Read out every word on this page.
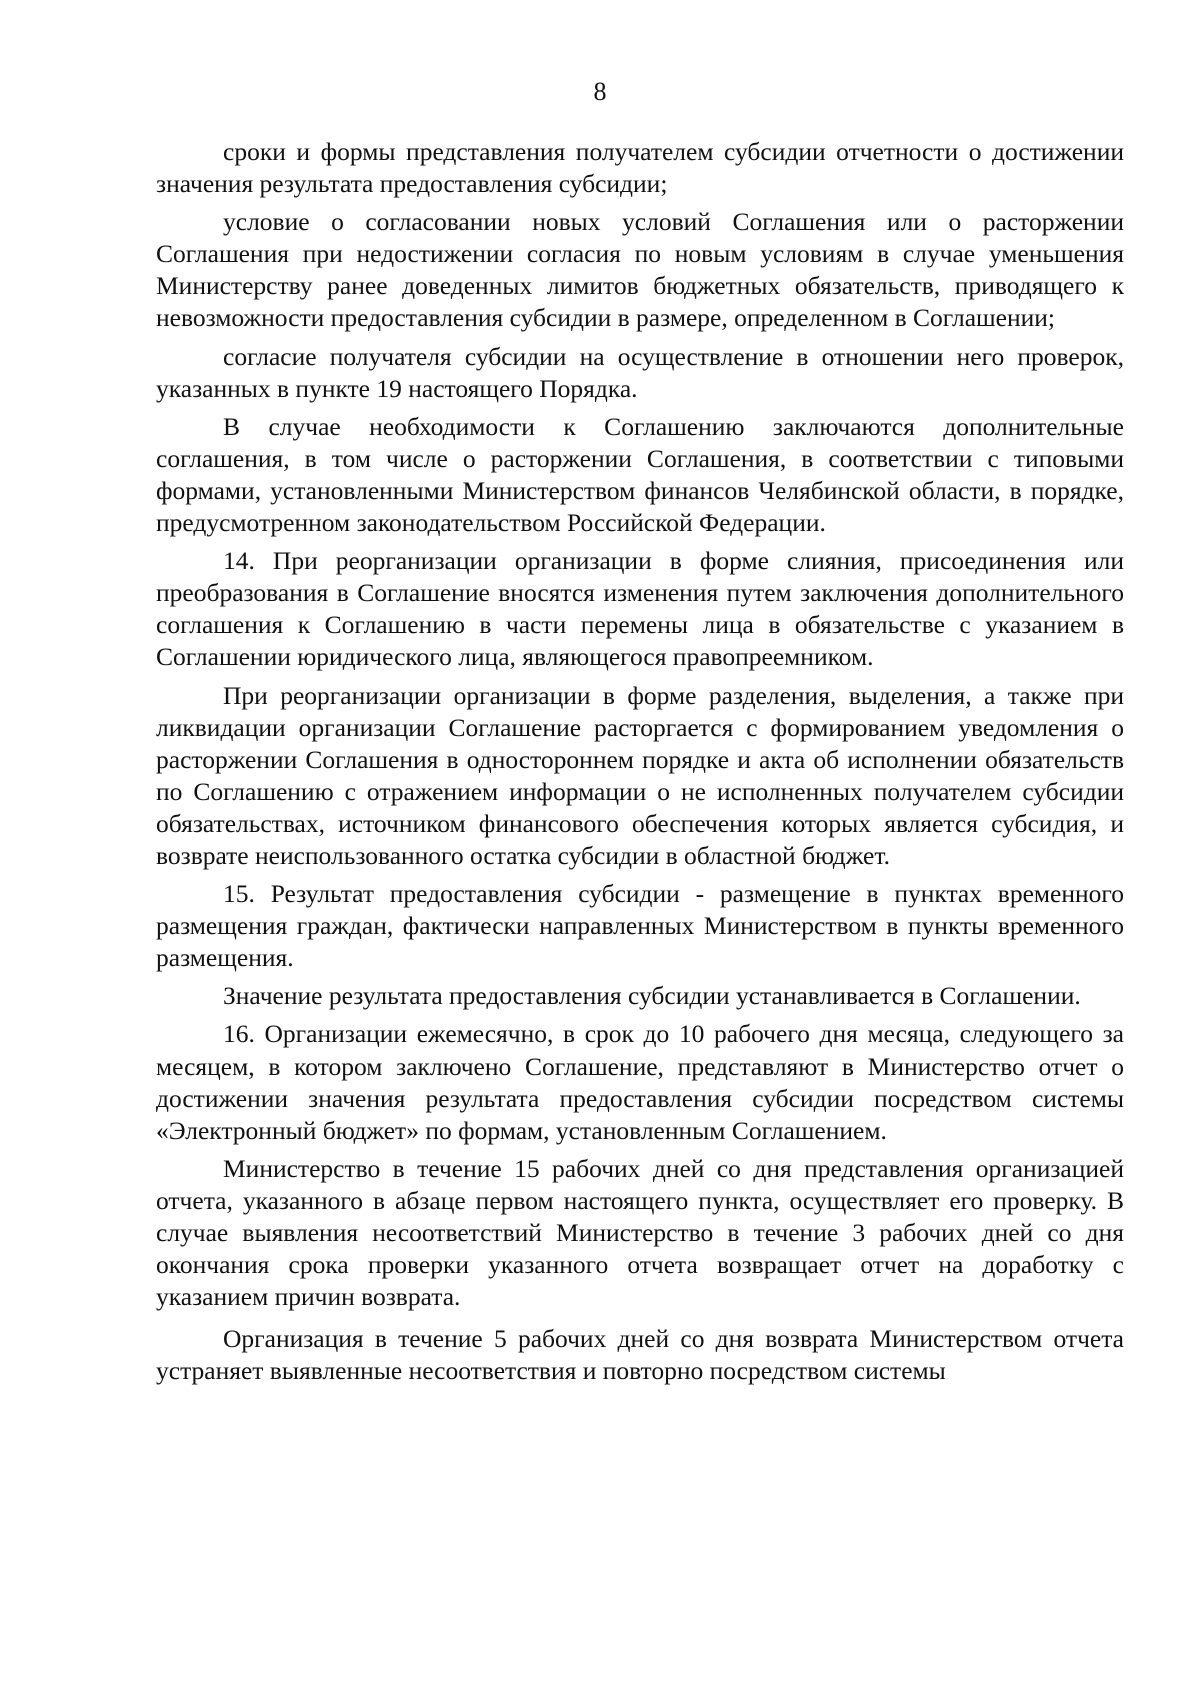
8

сроки и формы представления получателем субсидии отчетности о достижении значения результата предоставления субсидии;

условие о согласовании новых условий Соглашения или о расторжении Соглашения при недостижении согласия по новым условиям в случае уменьшения Министерству ранее доведенных лимитов бюджетных обязательств, приводящего к невозможности предоставления субсидии в размере, определенном в Соглашении;

согласие получателя субсидии на осуществление в отношении него проверок, указанных в пункте 19 настоящего Порядка.

В случае необходимости к Соглашению заключаются дополнительные соглашения, в том числе о расторжении Соглашения, в соответствии с типовыми формами, установленными Министерством финансов Челябинской области, в порядке, предусмотренном законодательством Российской Федерации.

14. При реорганизации организации в форме слияния, присоединения или преобразования в Соглашение вносятся изменения путем заключения дополнительного соглашения к Соглашению в части перемены лица в обязательстве с указанием в Соглашении юридического лица, являющегося правопреемником.

При реорганизации организации в форме разделения, выделения, а также при ликвидации организации Соглашение расторгается с формированием уведомления о расторжении Соглашения в одностороннем порядке и акта об исполнении обязательств по Соглашению с отражением информации о не исполненных получателем субсидии обязательствах, источником финансового обеспечения которых является субсидия, и возврате неиспользованного остатка субсидии в областной бюджет.

15. Результат предоставления субсидии - размещение в пунктах временного размещения граждан, фактически направленных Министерством в пункты временного размещения.

Значение результата предоставления субсидии устанавливается в Соглашении.

16. Организации ежемесячно, в срок до 10 рабочего дня месяца, следующего за месяцем, в котором заключено Соглашение, представляют в Министерство отчет о достижении значения результата предоставления субсидии посредством системы «Электронный бюджет» по формам, установленным Соглашением.

Министерство в течение 15 рабочих дней со дня представления организацией отчета, указанного в абзаце первом настоящего пункта, осуществляет его проверку. В случае выявления несоответствий Министерство в течение 3 рабочих дней со дня окончания срока проверки указанного отчета возвращает отчет на доработку с указанием причин возврата.

Организация в течение 5 рабочих дней со дня возврата Министерством отчета устраняет выявленные несоответствия и повторно посредством системы
